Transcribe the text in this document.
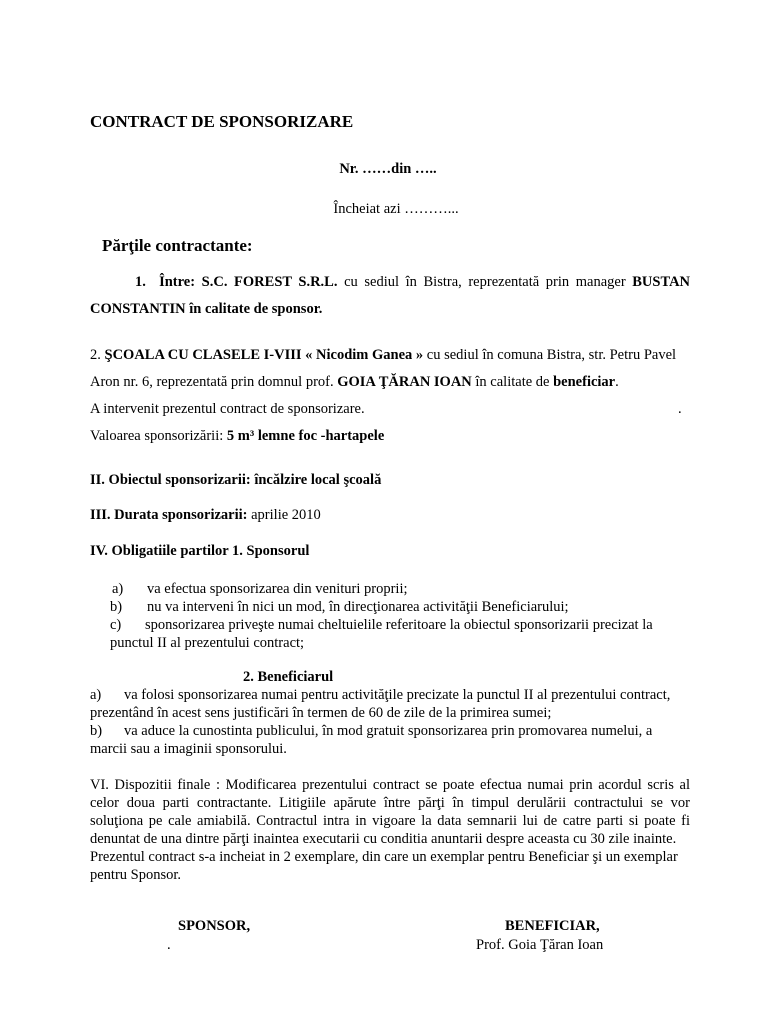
CONTRACT DE SPONSORIZARE
Nr. ……din …..
Încheiat azi ………...
Părţile contractante:
1. Între: S.C. FOREST S.R.L. cu sediul în Bistra, reprezentată prin manager BUSTAN CONSTANTIN în calitate de sponsor.
2. ŞCOALA CU CLASELE I-VIII « Nicodim Ganea » cu sediul în comuna Bistra, str. Petru Pavel Aron nr. 6, reprezentată prin domnul prof. GOIA ŢĂRAN IOAN în calitate de beneficiar.
A intervenit prezentul contract de sponsorizare.	.
Valoarea sponsorizării: 5 m³ lemne foc -hartapele
II. Obiectul sponsorizarii: încălzire local şcoală
III. Durata sponsorizarii: aprilie 2010
IV. Obligatiile partilor 1. Sponsorul
a)	va efectua sponsorizarea din venituri proprii;
b)	nu va interveni în nici un mod, în direcţionarea activităţii Beneficiarului;
c) sponsorizarea priveşte numai cheltuielile referitoare la obiectul sponsorizarii precizat la punctul II al prezentului contract;
2. Beneficiarul
a) va folosi sponsorizarea numai pentru activităţile precizate la punctul II al prezentului contract, prezentând în acest sens justificări în termen de 60 de zile de la primirea sumei;
b) va aduce la cunostinta publicului, în mod gratuit sponsorizarea prin promovarea numelui, a marcii sau a imaginii sponsorului.
VI. Dispozitii finale : Modificarea prezentului contract se poate efectua numai prin acordul scris al celor doua parti contractante. Litigiile apărute între părţi în timpul derulării contractului se vor soluţiona pe cale amiabilă. Contractul intra in vigoare la data semnarii lui de catre parti si poate fi denuntat de una dintre părţi inaintea executarii cu conditia anuntarii despre aceasta cu 30 zile inainte.
Prezentul contract s-a incheiat in 2 exemplare, din care un exemplar pentru Beneficiar şi un exemplar pentru Sponsor.
SPONSOR,	BENEFICIAR,
.	Prof. Goia Ţăran Ioan
